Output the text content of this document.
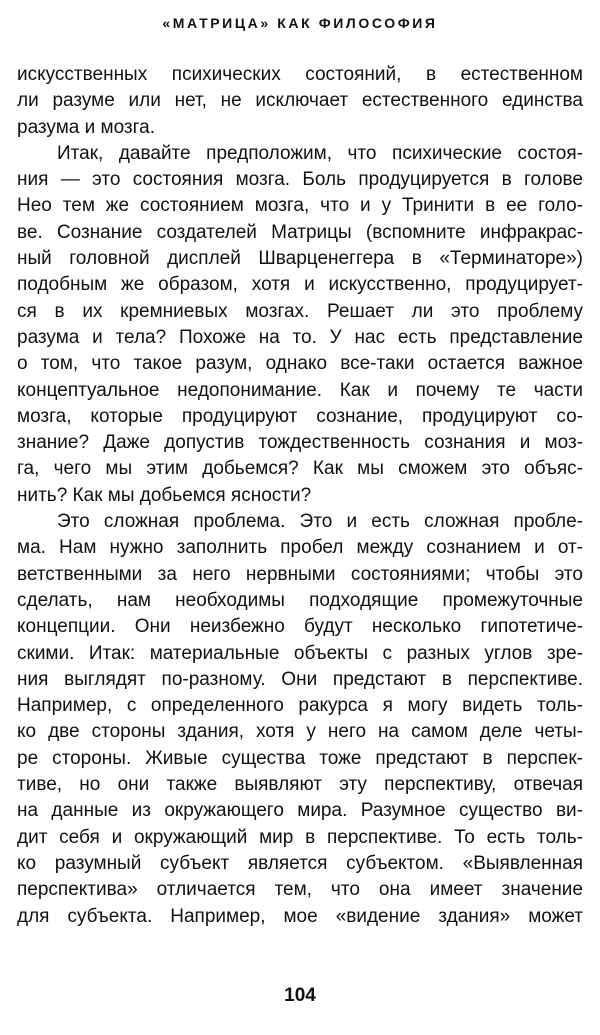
«МАТРИЦА» КАК ФИЛОСОФИЯ
искусственных психических состояний, в естественном
ли разуме или нет, не исключает естественного единства
разума и мозга.
Итак, давайте предположим, что психические состоя-
ния — это состояния мозга. Боль продуцируется в голове
Нео тем же состоянием мозга, что и у Тринити в ее голо-
ве. Сознание создателей Матрицы (вспомните инфракрас-
ный головной дисплей Шварценеггера в «Терминаторе»)
подобным же образом, хотя и искусственно, продуцирует-
ся в их кремниевых мозгах. Решает ли это проблему
разума и тела? Похоже на то. У нас есть представление
о том, что такое разум, однако все-таки остается важное
концептуальное недопонимание. Как и почему те части
мозга, которые продуцируют сознание, продуцируют со-
знание? Даже допустив тождественность сознания и моз-
га, чего мы этим добьемся? Как мы сможем это объяс-
нить? Как мы добьемся ясности?
Это сложная проблема. Это и есть сложная пробле-
ма. Нам нужно заполнить пробел между сознанием и от-
ветственными за него нервными состояниями; чтобы это
сделать, нам необходимы подходящие промежуточные
концепции. Они неизбежно будут несколько гипотетиче-
скими. Итак: материальные объекты с разных углов зре-
ния выглядят по-разному. Они предстают в перспективе.
Например, с определенного ракурса я могу видеть толь-
ко две стороны здания, хотя у него на самом деле четы-
ре стороны. Живые существа тоже предстают в перспек-
тиве, но они также выявляют эту перспективу, отвечая
на данные из окружающего мира. Разумное существо ви-
дит себя и окружающий мир в перспективе. То есть толь-
ко разумный субъект является субъектом. «Выявленная
перспектива» отличается тем, что она имеет значение
для субъекта. Например, мое «видение здания» может
104
